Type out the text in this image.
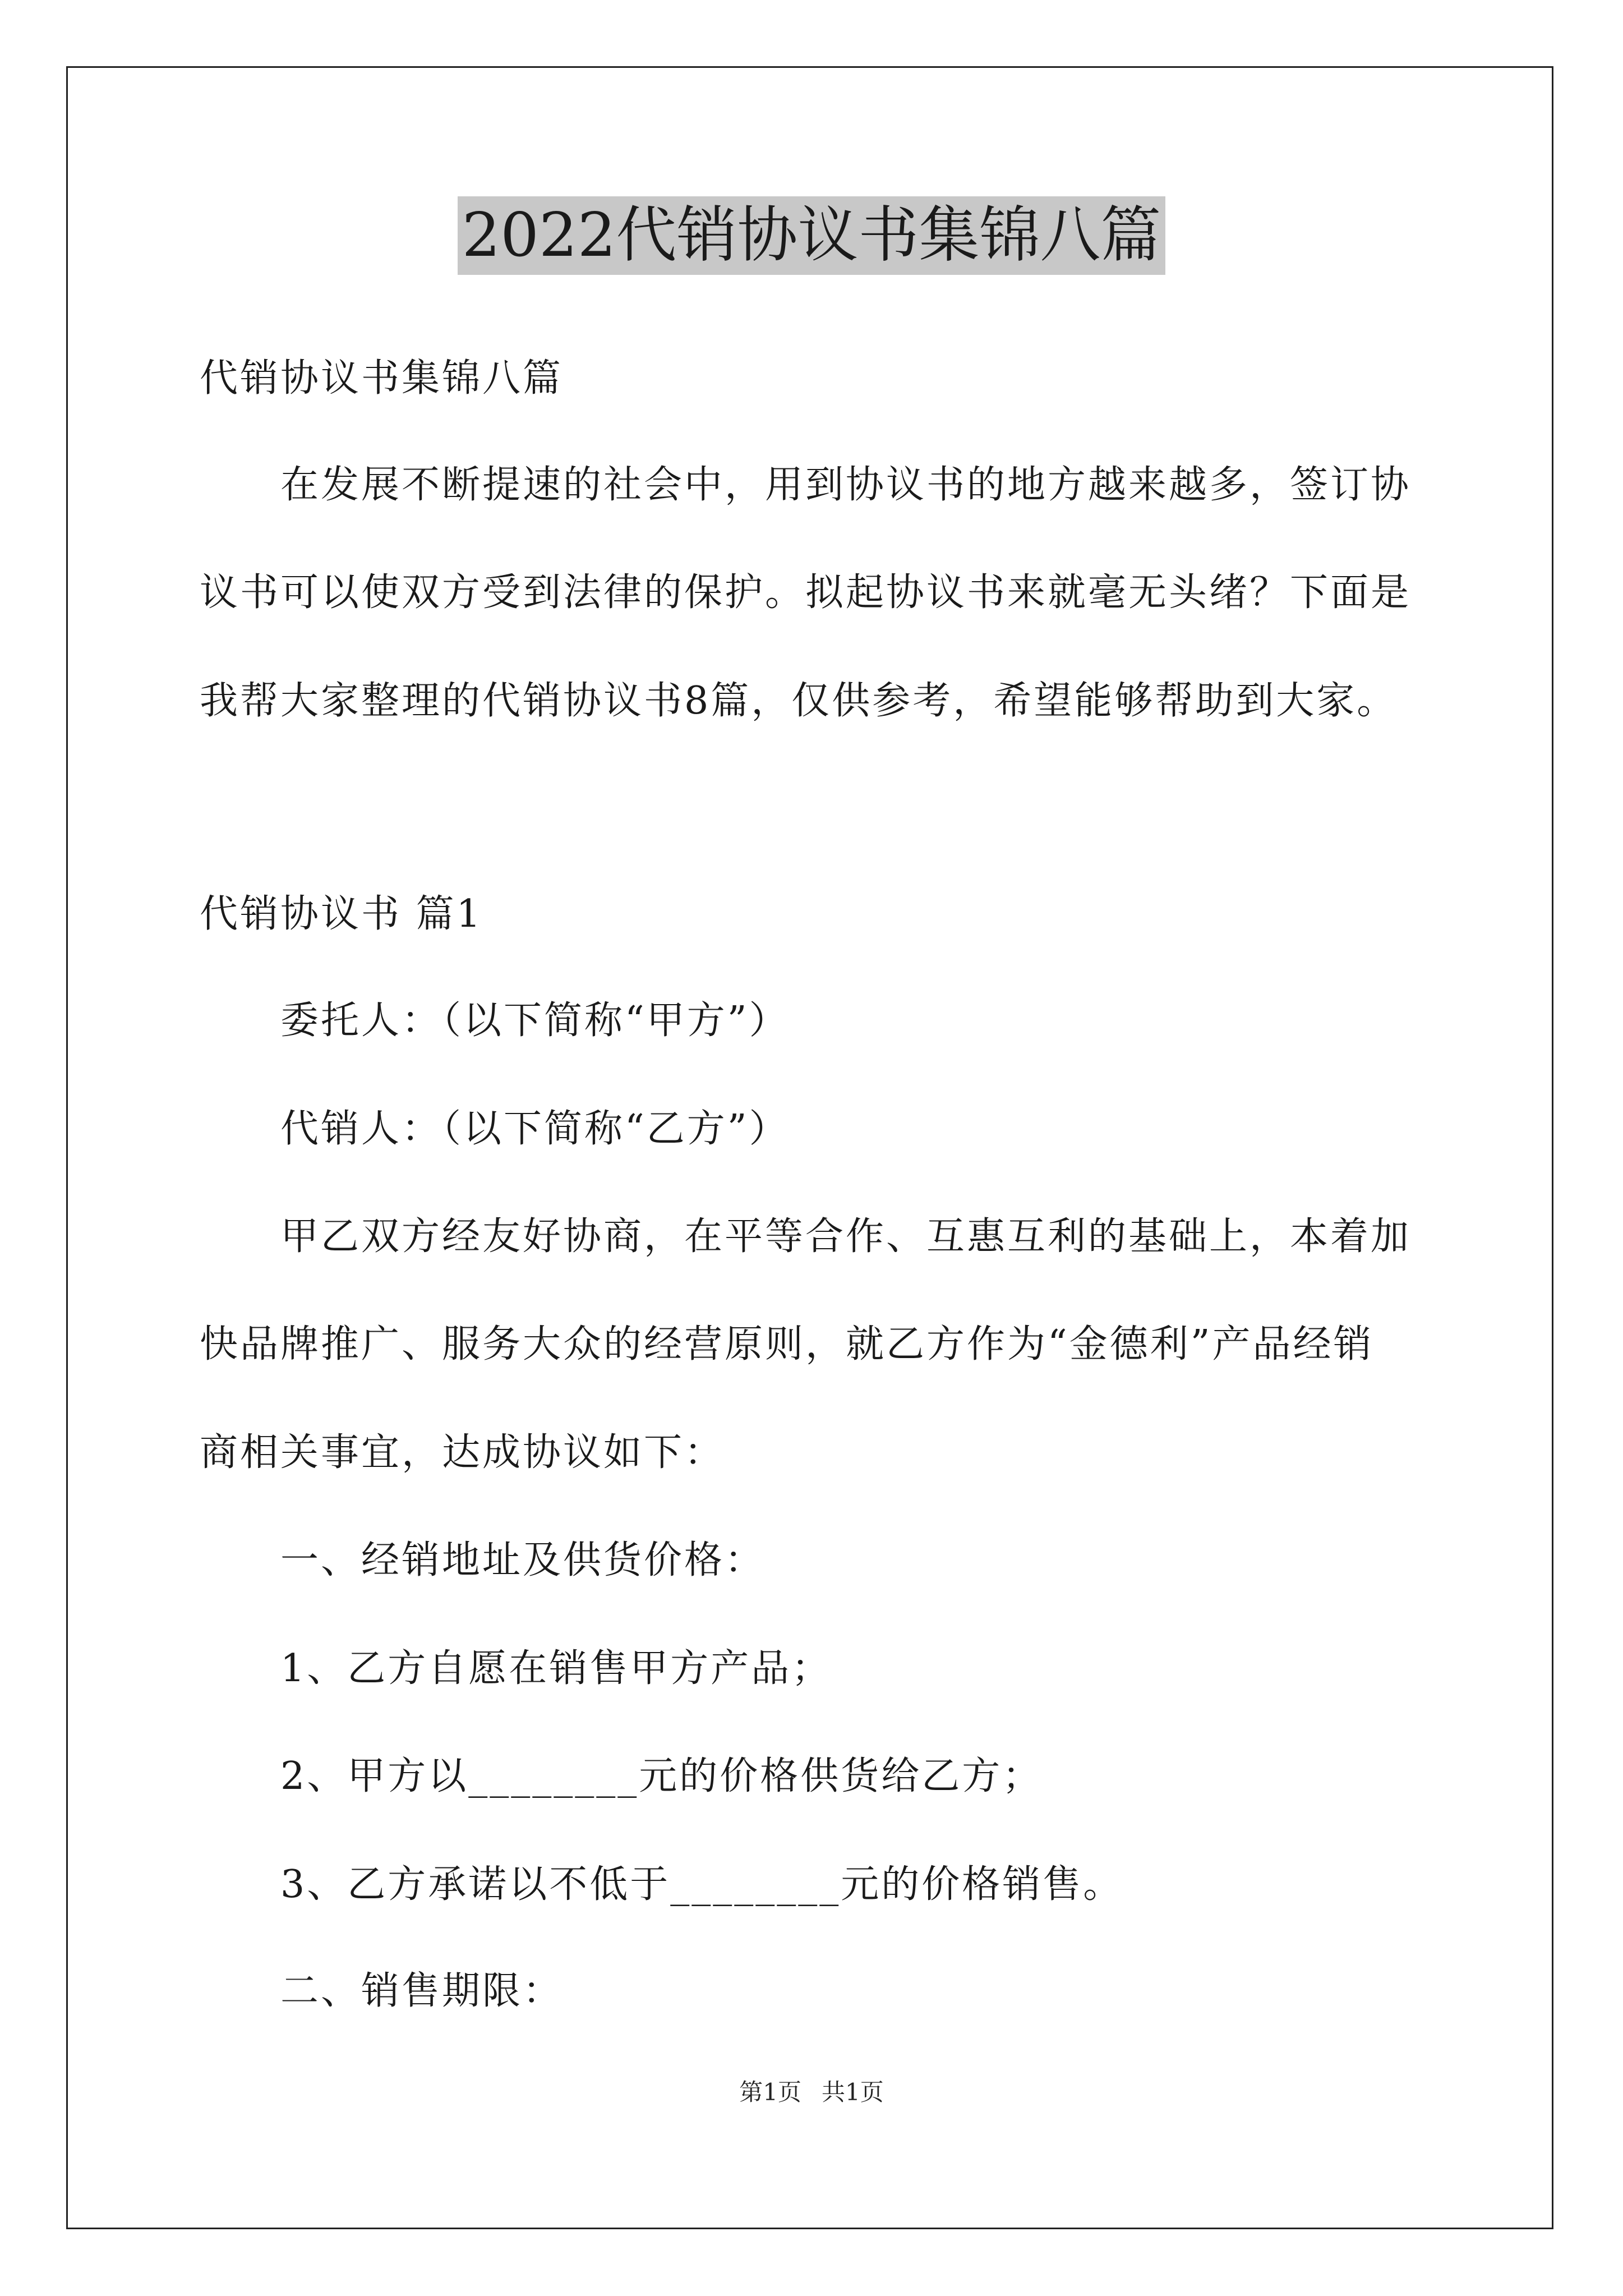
2022代销协议书集锦八篇

代销协议书集锦八篇

在发展不断提速的社会中，用到协议书的地方越来越多，签订协

议书可以使双方受到法律的保护。拟起协议书来就毫无头绪？下面是

我帮大家整理的代销协议书8篇，仅供参考，希望能够帮助到大家。

代销协议书 篇1

委托人：（以下简称“甲方”）

代销人：（以下简称“乙方”）

甲乙双方经友好协商，在平等合作、互惠互利的基础上，本着加

快品牌推广、服务大众的经营原则，就乙方作为“金德利”产品经销

商相关事宜，达成协议如下：

一、经销地址及供货价格：

1、乙方自愿在销售甲方产品；

2、甲方以________元的价格供货给乙方；

3、乙方承诺以不低于________元的价格销售。

二、销售期限：

第1页 共1页
